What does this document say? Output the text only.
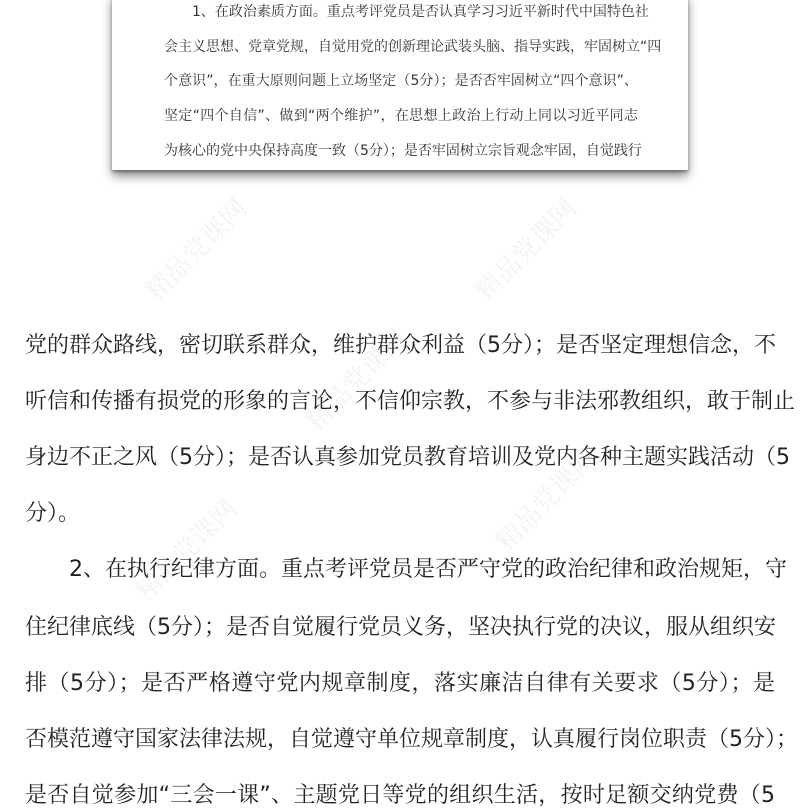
精品党课网	精品党课网
精品党课网
精品党课网	精品党课网
1、在政治素质方面。重点考评党员是否认真学习习近平新时代中国特色社
会主义思想、党章党规，自觉用党的创新理论武装头脑、指导实践，牢固树立“四
个意识”，在重大原则问题上立场坚定（5分）；是否否牢固树立“四个意识”、
坚定“四个自信”、做到“两个维护”，在思想上政治上行动上同以习近平同志
为核心的党中央保持高度一致（5分）；是否牢固树立宗旨观念牢固，自觉践行
党的群众路线，密切联系群众，维护群众利益（5分）；是否坚定理想信念，不
听信和传播有损党的形象的言论，不信仰宗教，不参与非法邪教组织，敢于制止
身边不正之风（5分）；是否认真参加党员教育培训及党内各种主题实践活动（5
分）。
　　2、在执行纪律方面。重点考评党员是否严守党的政治纪律和政治规矩，守
住纪律底线（5分）；是否自觉履行党员义务，坚决执行党的决议，服从组织安
排（5分）；是否严格遵守党内规章制度，落实廉洁自律有关要求（5分）；是
否模范遵守国家法律法规，自觉遵守单位规章制度，认真履行岗位职责（5分）；
是否自觉参加“三会一课”、主题党日等党的组织生活，按时足额交纳党费（5
